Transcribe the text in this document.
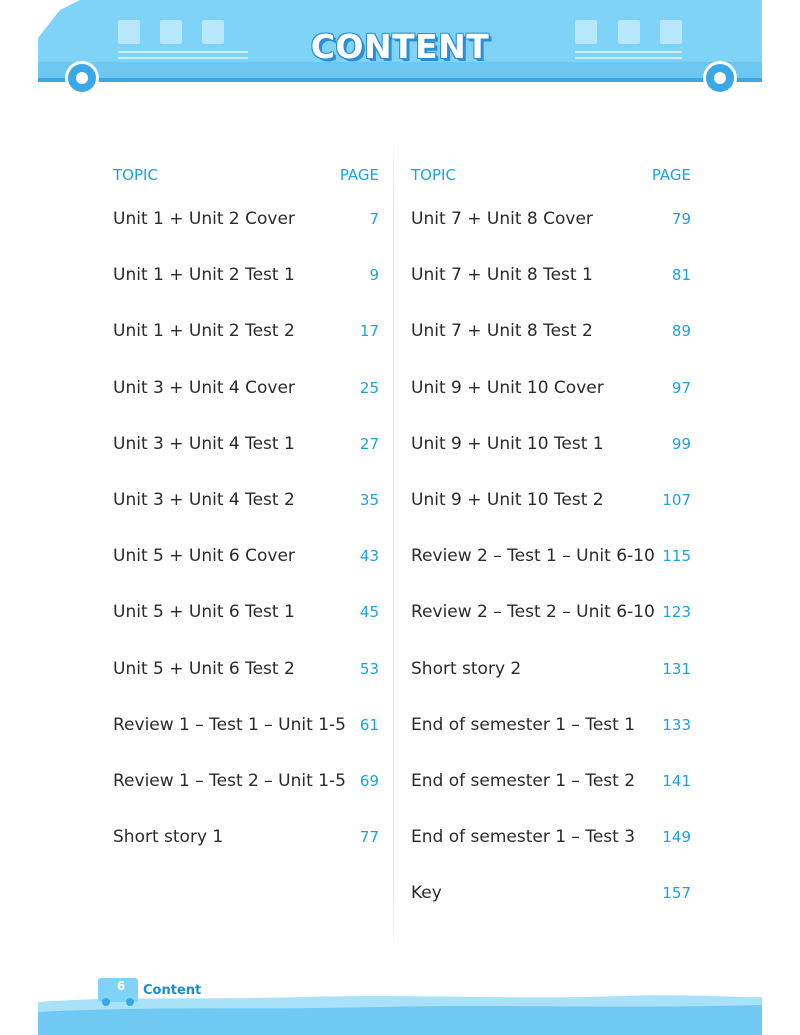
CONTENT
TOPIC	PAGE
Unit 1 + Unit 2 Cover	7
Unit 1 + Unit 2 Test 1	9
Unit 1 + Unit 2 Test 2	17
Unit 3 + Unit 4 Cover	25
Unit 3 + Unit 4 Test 1	27
Unit 3 + Unit 4 Test 2	35
Unit 5 + Unit 6 Cover	43
Unit 5 + Unit 6 Test 1	45
Unit 5 + Unit 6 Test 2	53
Review 1 – Test 1 – Unit 1-5 61
Review 1 – Test 2 – Unit 1-5 69
Short story 1	77
TOPIC	PAGE
Unit 7 + Unit 8 Cover	79
Unit 7 + Unit 8 Test 1	81
Unit 7 + Unit 8 Test 2	89
Unit 9 + Unit 10 Cover	97
Unit 9 + Unit 10 Test 1	99
Unit 9 + Unit 10 Test 2	107
Review 2 – Test 1 – Unit 6-10 115
Review 2 – Test 2 – Unit 6-10 123
Short story 2	131
End of semester 1 – Test 1 133
End of semester 1 – Test 2 141
End of semester 1 – Test 3 149
Key	157
6	Content
